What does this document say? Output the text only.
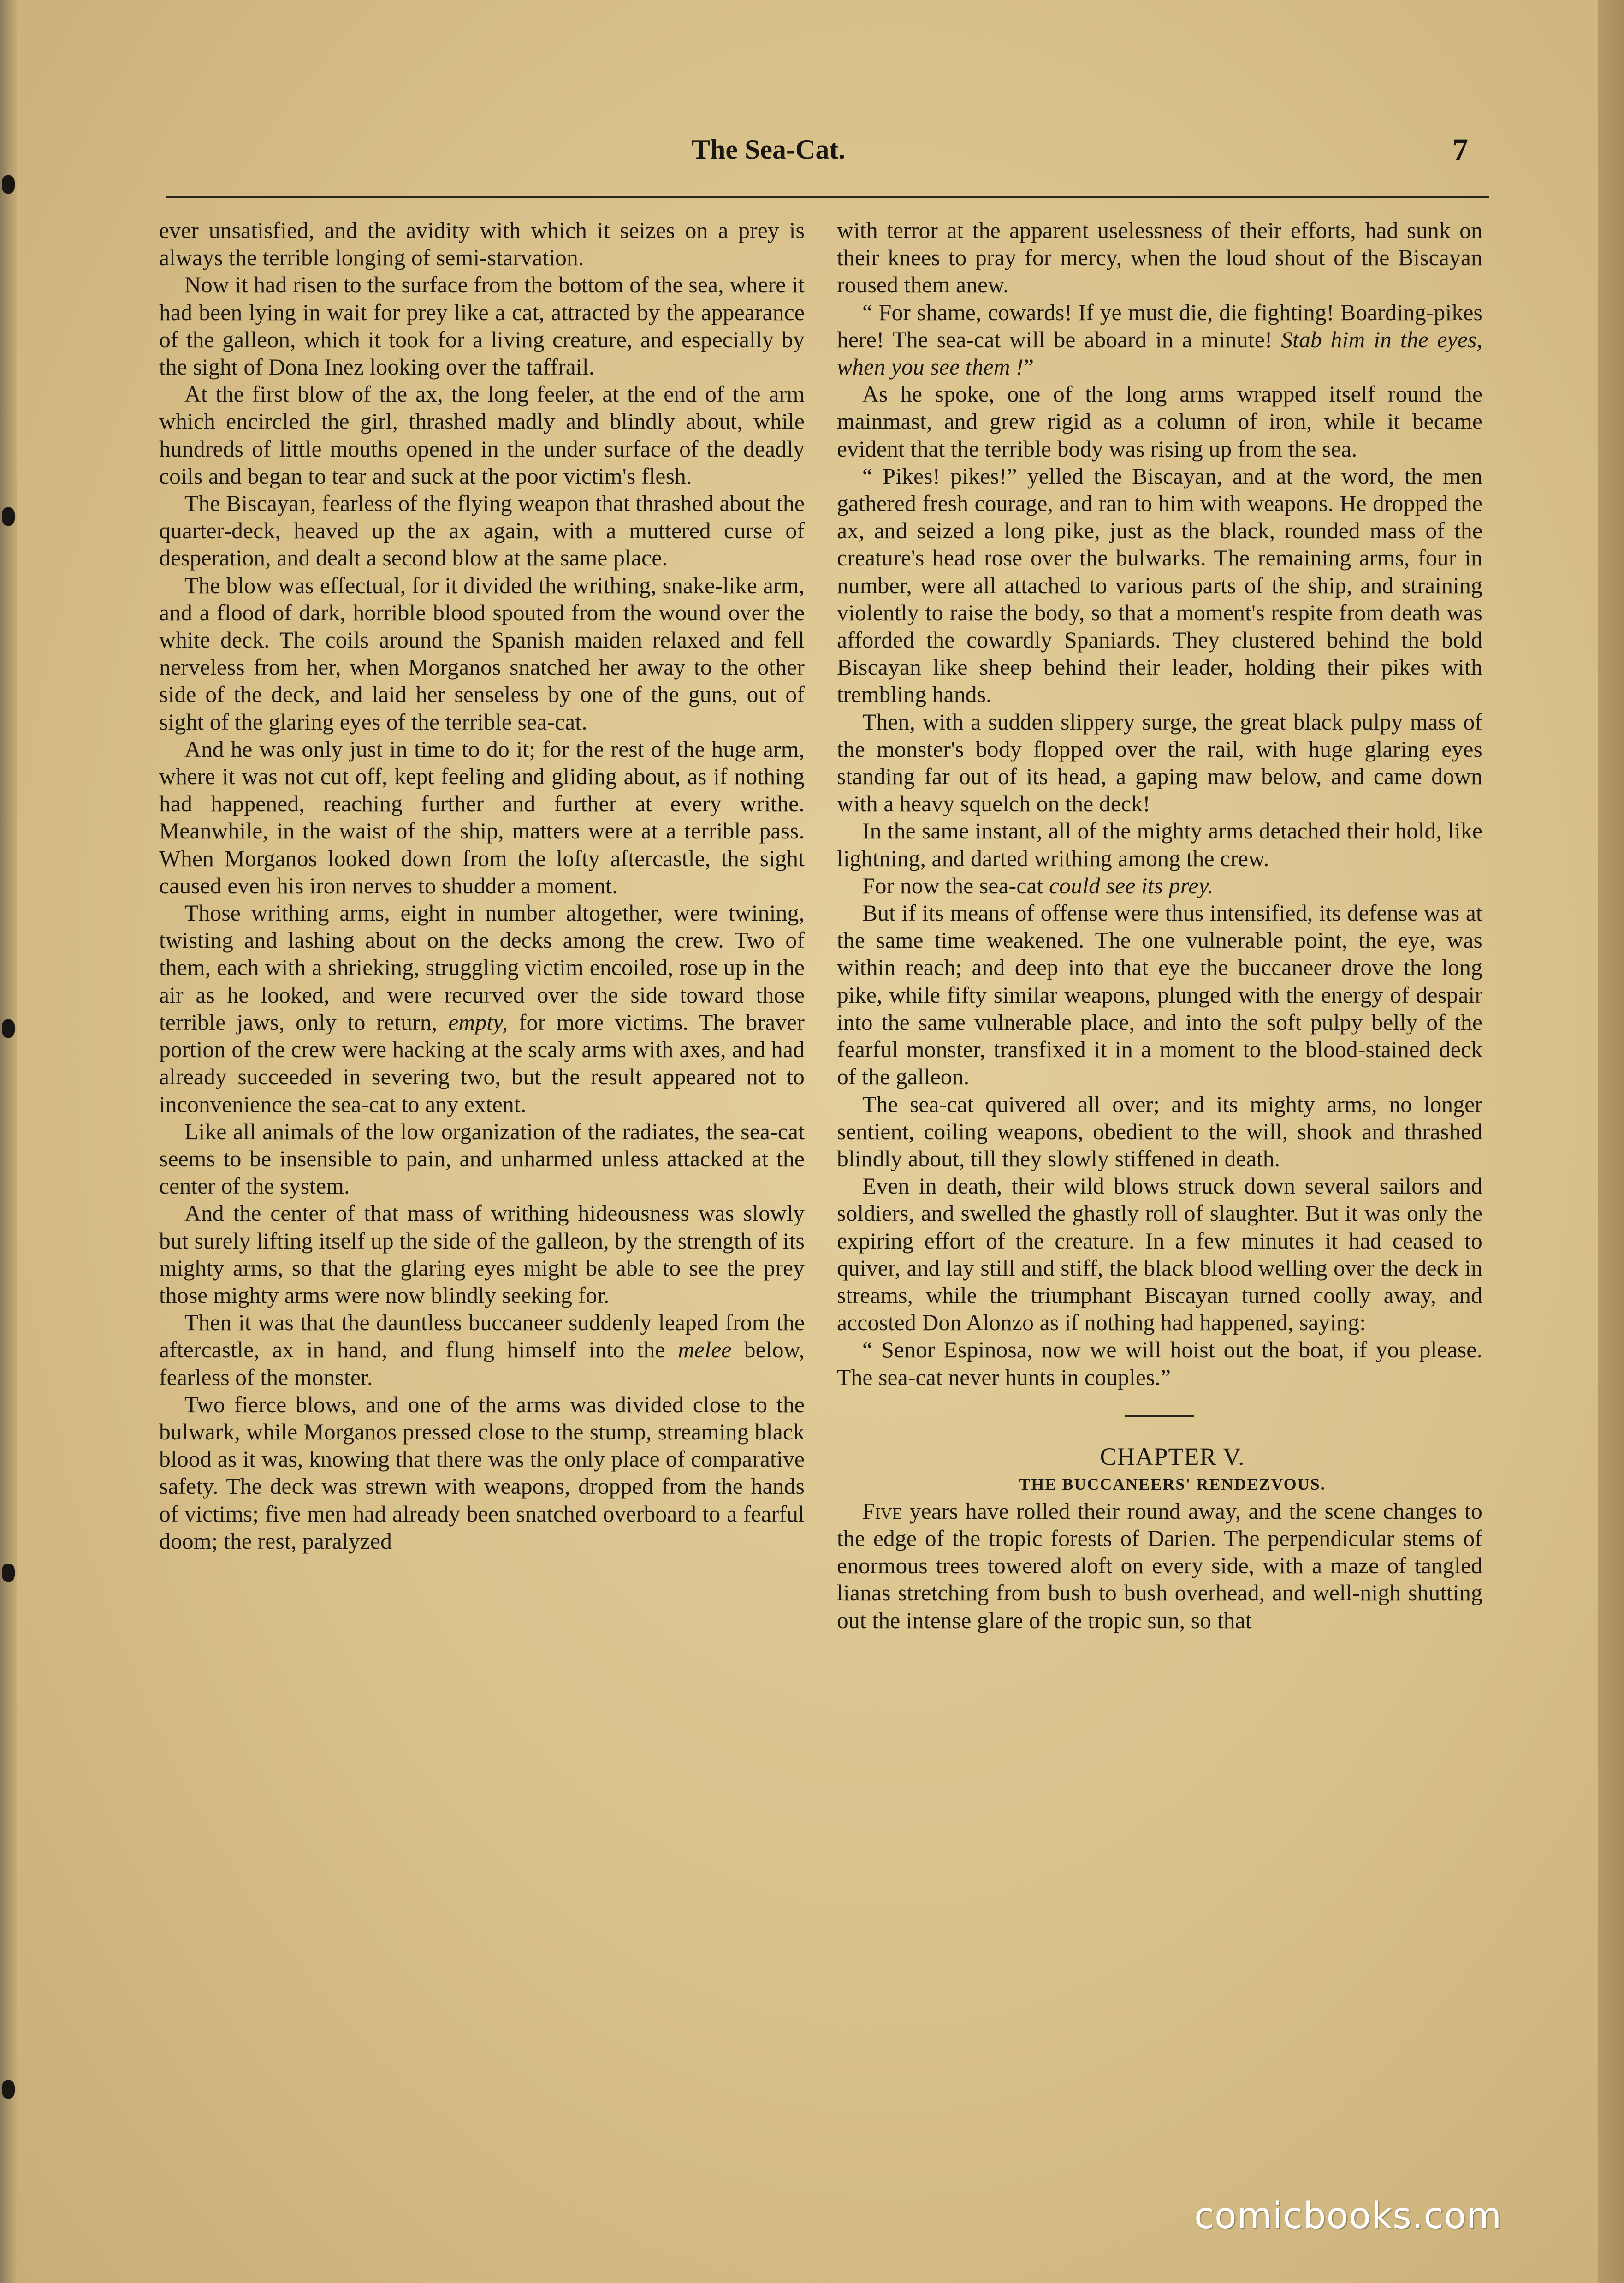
The Sea-Cat.	7

ever unsatisfied, and the avidity with which it seizes on a prey is always the terrible longing of semi-starvation.

Now it had risen to the surface from the bottom of the sea, where it had been lying in wait for prey like a cat, attracted by the appearance of the galleon, which it took for a living creature, and especially by the sight of Dona Inez looking over the taffrail.

At the first blow of the ax, the long feeler, at the end of the arm which encircled the girl, thrashed madly and blindly about, while hundreds of little mouths opened in the under surface of the deadly coils and began to tear and suck at the poor victim's flesh.

The Biscayan, fearless of the flying weapon that thrashed about the quarter-deck, heaved up the ax again, with a muttered curse of desperation, and dealt a second blow at the same place.

The blow was effectual, for it divided the writhing, snake-like arm, and a flood of dark, horrible blood spouted from the wound over the white deck. The coils around the Spanish maiden relaxed and fell nerveless from her, when Morganos snatched her away to the other side of the deck, and laid her senseless by one of the guns, out of sight of the glaring eyes of the terrible sea-cat.

And he was only just in time to do it; for the rest of the huge arm, where it was not cut off, kept feeling and gliding about, as if nothing had happened, reaching further and further at every writhe. Meanwhile, in the waist of the ship, matters were at a terrible pass. When Morganos looked down from the lofty aftercastle, the sight caused even his iron nerves to shudder a moment.

Those writhing arms, eight in number altogether, were twining, twisting and lashing about on the decks among the crew. Two of them, each with a shrieking, struggling victim encoiled, rose up in the air as he looked, and were recurved over the side toward those terrible jaws, only to return, empty, for more victims. The braver portion of the crew were hacking at the scaly arms with axes, and had already succeeded in severing two, but the result appeared not to inconvenience the sea-cat to any extent.

Like all animals of the low organization of the radiates, the sea-cat seems to be insensible to pain, and unharmed unless attacked at the center of the system.

And the center of that mass of writhing hideousness was slowly but surely lifting itself up the side of the galleon, by the strength of its mighty arms, so that the glaring eyes might be able to see the prey those mighty arms were now blindly seeking for.

Then it was that the dauntless buccaneer suddenly leaped from the aftercastle, ax in hand, and flung himself into the melee below, fearless of the monster.

Two fierce blows, and one of the arms was divided close to the bulwark, while Morganos pressed close to the stump, streaming black blood as it was, knowing that there was the only place of comparative safety. The deck was strewn with weapons, dropped from the hands of victims; five men had already been snatched overboard to a fearful doom; the rest, paralyzed

with terror at the apparent uselessness of their efforts, had sunk on their knees to pray for mercy, when the loud shout of the Biscayan roused them anew.

“ For shame, cowards! If ye must die, die fighting! Boarding-pikes here! The sea-cat will be aboard in a minute! Stab him in the eyes, when you see them !”

As he spoke, one of the long arms wrapped itself round the mainmast, and grew rigid as a column of iron, while it became evident that the terrible body was rising up from the sea.

“ Pikes! pikes!” yelled the Biscayan, and at the word, the men gathered fresh courage, and ran to him with weapons. He dropped the ax, and seized a long pike, just as the black, rounded mass of the creature's head rose over the bulwarks. The remaining arms, four in number, were all attached to various parts of the ship, and straining violently to raise the body, so that a moment's respite from death was afforded the cowardly Spaniards. They clustered behind the bold Biscayan like sheep behind their leader, holding their pikes with trembling hands.

Then, with a sudden slippery surge, the great black pulpy mass of the monster's body flopped over the rail, with huge glaring eyes standing far out of its head, a gaping maw below, and came down with a heavy squelch on the deck!

In the same instant, all of the mighty arms detached their hold, like lightning, and darted writhing among the crew.

For now the sea-cat could see its prey.

But if its means of offense were thus intensified, its defense was at the same time weakened. The one vulnerable point, the eye, was within reach; and deep into that eye the buccaneer drove the long pike, while fifty similar weapons, plunged with the energy of despair into the same vulnerable place, and into the soft pulpy belly of the fearful monster, transfixed it in a moment to the blood-stained deck of the galleon.

The sea-cat quivered all over; and its mighty arms, no longer sentient, coiling weapons, obedient to the will, shook and thrashed blindly about, till they slowly stiffened in death.

Even in death, their wild blows struck down several sailors and soldiers, and swelled the ghastly roll of slaughter. But it was only the expiring effort of the creature. In a few minutes it had ceased to quiver, and lay still and stiff, the black blood welling over the deck in streams, while the triumphant Biscayan turned coolly away, and accosted Don Alonzo as if nothing had happened, saying:

“ Senor Espinosa, now we will hoist out the boat, if you please. The sea-cat never hunts in couples.”

CHAPTER V.

THE BUCCANEERS' RENDEZVOUS.

Five years have rolled their round away, and the scene changes to the edge of the tropic forests of Darien. The perpendicular stems of enormous trees towered aloft on every side, with a maze of tangled lianas stretching from bush to bush overhead, and well-nigh shutting out the intense glare of the tropic sun, so that

comicbooks.com
